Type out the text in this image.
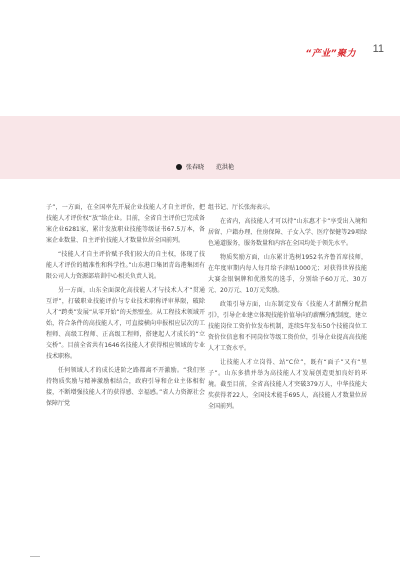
“产业”聚力 11
张春晓 范洪艳

子”，一方面，在全国率先开展企业技能人才自主评价，把技能人才评价权“放”给企业。目前，全省自主评价已完成备案企业6281家，累计发放职业技能等级证书67.5万本，备案企业数量、自主评价技能人才数量位居全国前列。

“技能人才自主评价赋予我们较大的自主权，体现了技能人才评价的精准性和科学性。”山东港口集团青岛港集团有限公司人力资源部培训中心相关负责人说。

另一方面，山东全面深化高技能人才与技术人才“贯通互评”，打破职业技能评价与专业技术职称评审界限，破除人才“跨类”发展“从零开始”的天然壁垒。从工程技术领域开始，符合条件的高技能人才，可直接横向申报相应层次的工程师、高级工程师、正高级工程师，搭建起人才成长的“立交桥”。目前全省共有1646名技能人才获得相应领域的专业技术职称。

任何领域人才的成长进阶之路都离不开激励。“我们坚持物质奖励与精神激励相结合，政府引导和企业主体相衔接，不断增强技能人才的获得感、幸福感。”省人力资源社会保障厅党

组书记、厅长张海表示。

在省内，高技能人才可以持“山东惠才卡”享受出入境和居留、户籍办理、住房保障、子女入学、医疗保健等29项绿色通道服务，服务数量和内容在全国均处于领先水平。

物质奖励方面，山东累计选树1952名齐鲁首席技师，在年度审期内每人每月给予津贴1000元；对获得世界技能大赛金银铜牌和优胜奖的选手，分别给予60万元、30万元、20万元、10万元奖励。

政策引导方面，山东制定发布《技能人才薪酬分配指引》，引导企业建立体现技能价值导向的薪酬分配制度，建立技能岗位工资价位发布机制，连续5年发布50个技能岗位工资价位信息和不同岗位等级工资价位，引导企业提高高技能人才工资水平。

让技能人才立岗得、站“C位”，既有“面子”又有“里子”。山东多措并举为高技能人才发展创造更加良好的环境。截至目前，全省高技能人才突破379万人，中华技能大奖获得者22人，全国技术能手695人，高技能人才数量位居全国前列。
